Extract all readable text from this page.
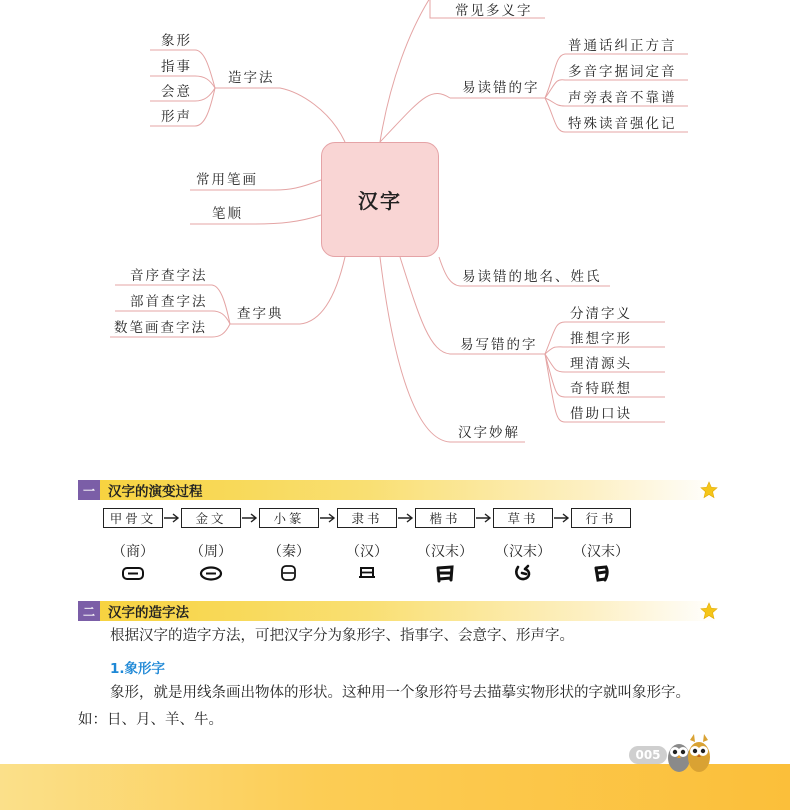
常见多义字
易读错的字
普通话纠正方言
多音字据词定音
声旁表音不靠谱
特殊读音强化记
易读错的地名、姓氏
易写错的字
分清字义
推想字形
理清源头
奇特联想
借助口诀
汉字妙解
造字法
象形
指事
会意
形声
常用笔画
笔顺
查字典
音序查字法
部首查字法
数笔画查字法
汉字
一 汉字的演变过程
甲骨文	金文	小篆	隶书	楷书	草书	行书
（商）	（周）	（秦）	（汉）	（汉末）	（汉末）	（汉末）
二 汉字的造字法
根据汉字的造字方法，可把汉字分为象形字、指事字、会意字、形声字。
1.象形字
象形，就是用线条画出物体的形状。这种用一个象形符号去描摹实物形状的字就叫象形字。
如：日、月、羊、牛。
005
